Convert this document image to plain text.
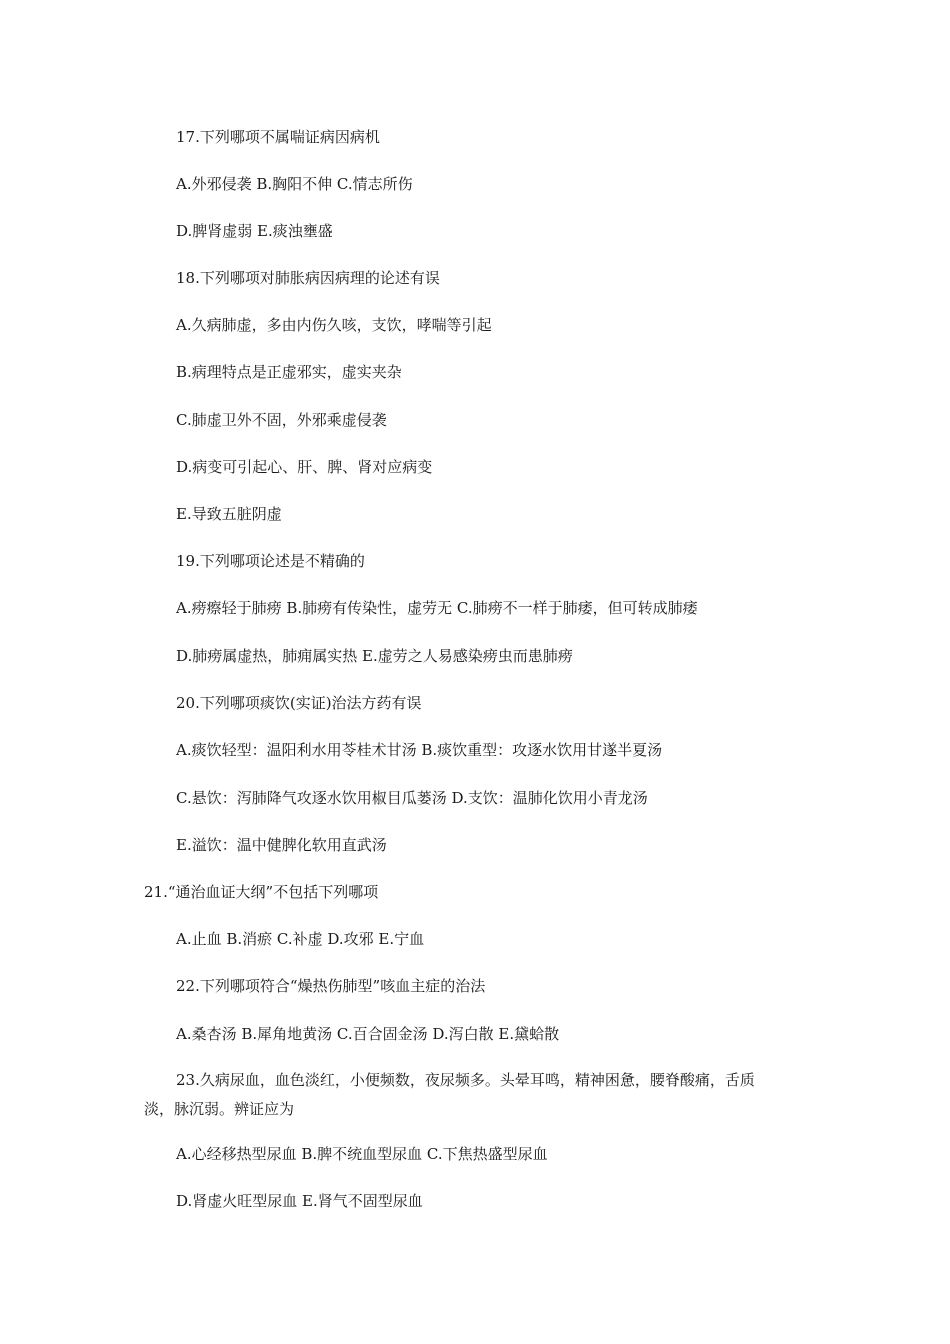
17.下列哪项不属喘证病因病机
A.外邪侵袭 B.胸阳不伸 C.情志所伤
D.脾肾虚弱 E.痰浊壅盛
18.下列哪项对肺胀病因病理的论述有误
A.久病肺虚，多由内伤久咳，支饮，哮喘等引起
B.病理特点是正虚邪实，虚实夹杂
C.肺虚卫外不固，外邪乘虚侵袭
D.病变可引起心、肝、脾、肾对应病变
E.导致五脏阴虚
19.下列哪项论述是不精确的
A.痨瘵轻于肺痨 B.肺痨有传染性，虚劳无 C.肺痨不一样于肺痿，但可转成肺痿
D.肺痨属虚热，肺痈属实热 E.虚劳之人易感染痨虫而患肺痨
20.下列哪项痰饮(实证)治法方药有误
A.痰饮轻型：温阳利水用苓桂术甘汤 B.痰饮重型：攻逐水饮用甘遂半夏汤
C.悬饮：泻肺降气攻逐水饮用椒目瓜蒌汤 D.支饮：温肺化饮用小青龙汤
E.溢饮：温中健脾化软用直武汤
21.“通治血证大纲”不包括下列哪项
A.止血 B.消瘀 C.补虚 D.攻邪 E.宁血
22.下列哪项符合“燥热伤肺型”咳血主症的治法
A.桑杏汤 B.犀角地黄汤 C.百合固金汤 D.泻白散 E.黛蛤散
23.久病尿血，血色淡红，小便频数，夜尿频多。头晕耳鸣，精神困惫，腰脊酸痛，舌质淡，脉沉弱。辨证应为
A.心经移热型尿血 B.脾不统血型尿血 C.下焦热盛型尿血
D.肾虚火旺型尿血 E.肾气不固型尿血
